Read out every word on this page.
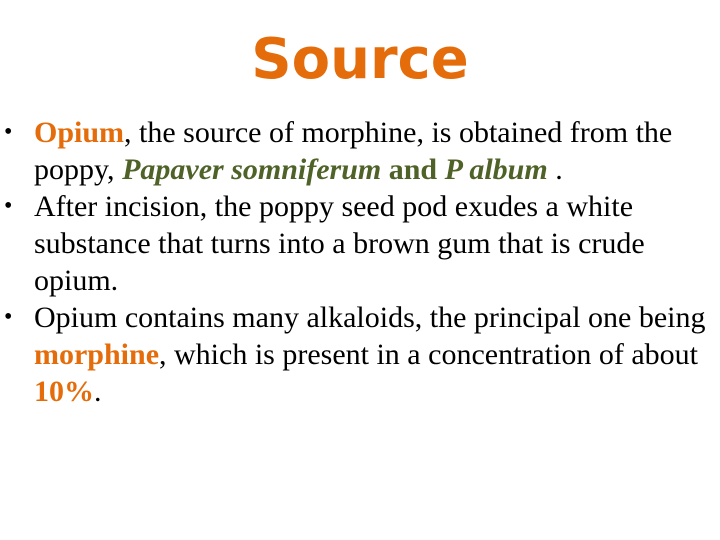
Source
• Opium, the source of morphine, is obtained from the poppy, Papaver somniferum and P album .
• After incision, the poppy seed pod exudes a white substance that turns into a brown gum that is crude opium.
• Opium contains many alkaloids, the principal one being morphine, which is present in a concentration of about 10%.
